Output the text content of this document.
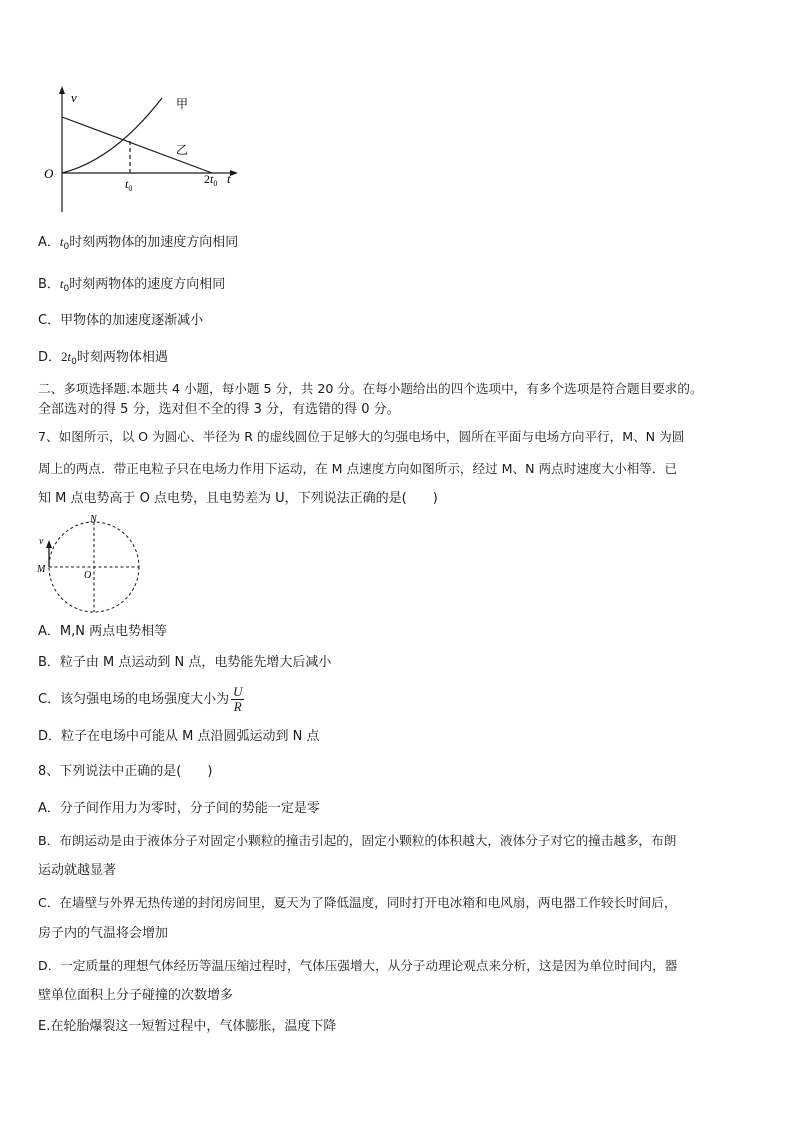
v
O
甲
乙
$t_0$
$2t_0$ t
A．$t_0$时刻两物体的加速度方向相同
B．$t_0$时刻两物体的速度方向相同
C．甲物体的加速度逐渐减小
D．$2t_0$时刻两物体相遇
二、多项选择题.本题共 4 小题，每小题 5 分，共 20 分。在每小题给出的四个选项中，有多个选项是符合题目要求的。
全部选对的得 5 分，选对但不全的得 3 分，有选错的得 0 分。
7、如图所示，以 O 为圆心、半径为 R 的虚线圆位于足够大的匀强电场中，圆所在平面与电场方向平行，M、N 为圆
周上的两点．带正电粒子只在电场力作用下运动，在 M 点速度方向如图所示，经过 M、N 两点时速度大小相等．已
知 M 点电势高于 O 点电势，且电势差为 U，下列说法正确的是(　　)
N
M
O
v
A．M,N 两点电势相等
B．粒子由 M 点运动到 N 点，电势能先增大后减小
C．该匀强电场的电场强度大小为 $\frac{U}{R}$
D．粒子在电场中可能从 M 点沿圆弧运动到 N 点
8、下列说法中正确的是(　　)
A．分子间作用力为零时，分子间的势能一定是零
B．布朗运动是由于液体分子对固定小颗粒的撞击引起的，固定小颗粒的体积越大，液体分子对它的撞击越多，布朗
运动就越显著
C．在墙壁与外界无热传递的封闭房间里，夏天为了降低温度，同时打开电冰箱和电风扇，两电器工作较长时间后，
房子内的气温将会增加
D．一定质量的理想气体经历等温压缩过程时，气体压强增大，从分子动理论观点来分析，这是因为单位时间内，器
壁单位面积上分子碰撞的次数增多
E.在轮胎爆裂这一短暂过程中，气体膨胀，温度下降
